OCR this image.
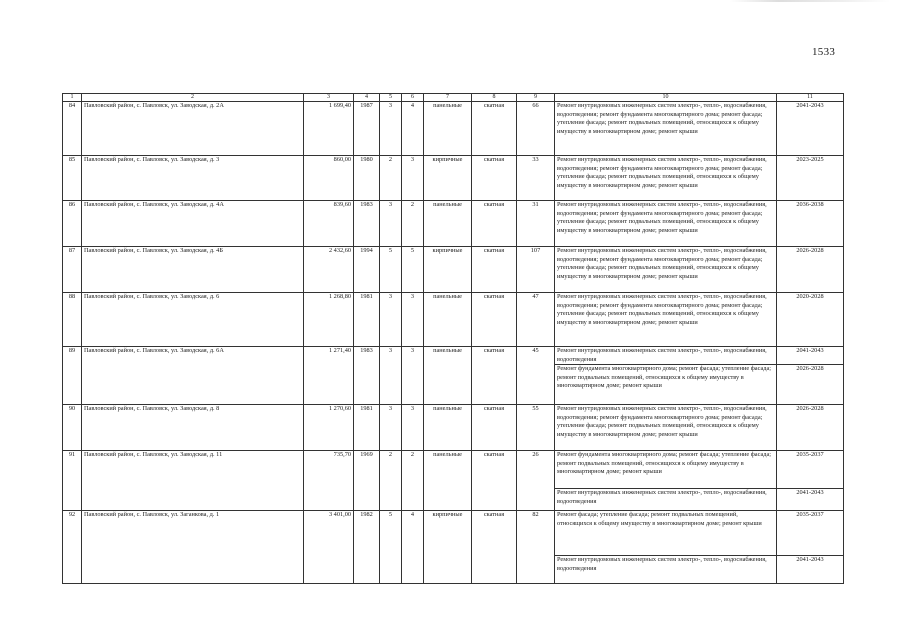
1533
1	2	3	4	5	6	7	8	9	10	11
84	Павловский район, с. Павловск, ул. Заводская, д. 2А	1 699,40	1987	3	4	панельные	скатная	66	Ремонт внутридомовых инженерных систем электро-, тепло-, водоснабжения, водоотведения; ремонт фундамента многоквартирного дома; ремонт фасада; утепление фасада; ремонт подвальных помещений, относящихся к общему имуществу в многоквартирном доме; ремонт крыши	2041-2043
85	Павловский район, с. Павловск, ул. Заводская, д. 3	860,00	1980	2	3	кирпичные	скатная	33	Ремонт внутридомовых инженерных систем электро-, тепло-, водоснабжения, водоотведения; ремонт фундамента многоквартирного дома; ремонт фасада; утепление фасада; ремонт подвальных помещений, относящихся к общему имуществу в многоквартирном доме; ремонт крыши	2023-2025
86	Павловский район, с. Павловск, ул. Заводская, д. 4А	839,60	1983	3	2	панельные	скатная	31	Ремонт внутридомовых инженерных систем электро-, тепло-, водоснабжения, водоотведения; ремонт фундамента многоквартирного дома; ремонт фасада; утепление фасада; ремонт подвальных помещений, относящихся к общему имуществу в многоквартирном доме; ремонт крыши	2036-2038
87	Павловский район, с. Павловск, ул. Заводская, д. 4Б	2 432,60	1994	5	5	кирпичные	скатная	107	Ремонт внутридомовых инженерных систем электро-, тепло-, водоснабжения, водоотведения; ремонт фундамента многоквартирного дома; ремонт фасада; утепление фасада; ремонт подвальных помещений, относящихся к общему имуществу в многоквартирном доме; ремонт крыши	2026-2028
88	Павловский район, с. Павловск, ул. Заводская, д. 6	1 268,80	1981	3	3	панельные	скатная	47	Ремонт внутридомовых инженерных систем электро-, тепло-, водоснабжения, водоотведения; ремонт фундамента многоквартирного дома; ремонт фасада; утепление фасада; ремонт подвальных помещений, относящихся к общему имуществу в многоквартирном доме; ремонт крыши	2020-2028
89	Павловский район, с. Павловск, ул. Заводская, д. 6А	1 271,40	1983	3	3	панельные	скатная	45	Ремонт внутридомовых инженерных систем электро-, тепло-, водоснабжения, водоотведения	2041-2043
									Ремонт фундамента многоквартирного дома; ремонт фасада; утепление фасада; ремонт подвальных помещений, относящихся к общему имуществу в многоквартирном доме; ремонт крыши	2026-2028
90	Павловский район, с. Павловск, ул. Заводская, д. 8	1 270,60	1981	3	3	панельные	скатная	55	Ремонт внутридомовых инженерных систем электро-, тепло-, водоснабжения, водоотведения; ремонт фундамента многоквартирного дома; ремонт фасада; утепление фасада; ремонт подвальных помещений, относящихся к общему имуществу в многоквартирном доме; ремонт крыши	2026-2028
91	Павловский район, с. Павловск, ул. Заводская, д. 11	735,70	1969	2	2	панельные	скатная	26	Ремонт фундамента многоквартирного дома; ремонт фасада; утепление фасада; ремонт подвальных помещений, относящихся к общему имуществу в многоквартирном доме; ремонт крыши	2035-2037
									Ремонт внутридомовых инженерных систем электро-, тепло-, водоснабжения, водоотведения	2041-2043
92	Павловский район, с. Павловск, ул. Заганкова, д. 1	3 401,00	1982	5	4	кирпичные	скатная	82	Ремонт фасада; утепление фасада; ремонт подвальных помещений, относящихся к общему имуществу в многоквартирном доме; ремонт крыши	2035-2037
									Ремонт внутридомовых инженерных систем электро-, тепло-, водоснабжения, водоотведения	2041-2043
